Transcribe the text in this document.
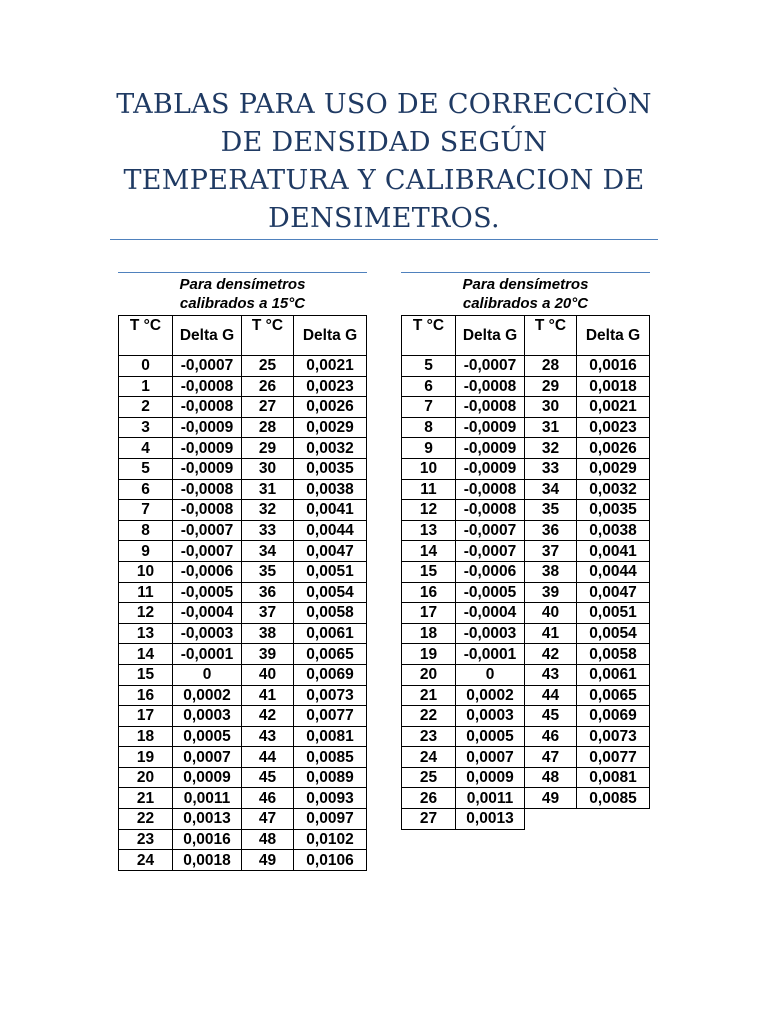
TABLAS PARA USO DE CORRECCIÒN DE DENSIDAD SEGÚN TEMPERATURA Y CALIBRACION DE DENSIMETROS.
Para densímetros
calibrados a 15°C
T °C	Delta G	T °C	Delta G
0	-0,0007	25	0,0021
1	-0,0008	26	0,0023
2	-0,0008	27	0,0026
3	-0,0009	28	0,0029
4	-0,0009	29	0,0032
5	-0,0009	30	0,0035
6	-0,0008	31	0,0038
7	-0,0008	32	0,0041
8	-0,0007	33	0,0044
9	-0,0007	34	0,0047
10	-0,0006	35	0,0051
11	-0,0005	36	0,0054
12	-0,0004	37	0,0058
13	-0,0003	38	0,0061
14	-0,0001	39	0,0065
15	0	40	0,0069
16	0,0002	41	0,0073
17	0,0003	42	0,0077
18	0,0005	43	0,0081
19	0,0007	44	0,0085
20	0,0009	45	0,0089
21	0,0011	46	0,0093
22	0,0013	47	0,0097
23	0,0016	48	0,0102
24	0,0018	49	0,0106
Para densímetros
calibrados a 20°C
T °C	Delta G	T °C	Delta G
5	-0,0007	28	0,0016
6	-0,0008	29	0,0018
7	-0,0008	30	0,0021
8	-0,0009	31	0,0023
9	-0,0009	32	0,0026
10	-0,0009	33	0,0029
11	-0,0008	34	0,0032
12	-0,0008	35	0,0035
13	-0,0007	36	0,0038
14	-0,0007	37	0,0041
15	-0,0006	38	0,0044
16	-0,0005	39	0,0047
17	-0,0004	40	0,0051
18	-0,0003	41	0,0054
19	-0,0001	42	0,0058
20	0	43	0,0061
21	0,0002	44	0,0065
22	0,0003	45	0,0069
23	0,0005	46	0,0073
24	0,0007	47	0,0077
25	0,0009	48	0,0081
26	0,0011	49	0,0085
27	0,0013		
